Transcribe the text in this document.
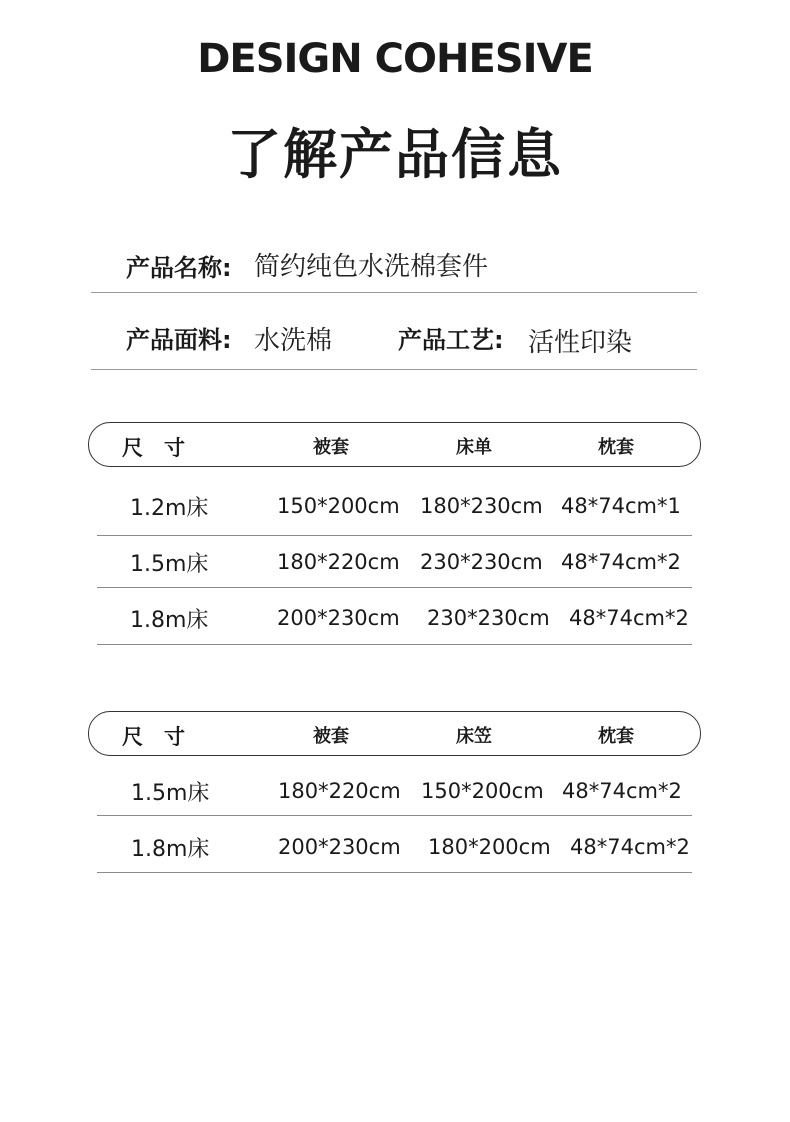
DESIGN COHESIVE
了解产品信息
产品名称: 简约纯色水洗棉套件
产品面料: 水洗棉	产品工艺: 活性印染
尺　寸	被套	床单	枕套
1.2m床	150*200cm 180*230cm 48*74cm*1
1.5m床	180*220cm 230*230cm 48*74cm*2
1.8m床	200*230cm 230*230cm 48*74cm*2
尺　寸	被套	床笠	枕套
1.5m床	180*220cm 150*200cm 48*74cm*2
1.8m床	200*230cm 180*200cm 48*74cm*2
